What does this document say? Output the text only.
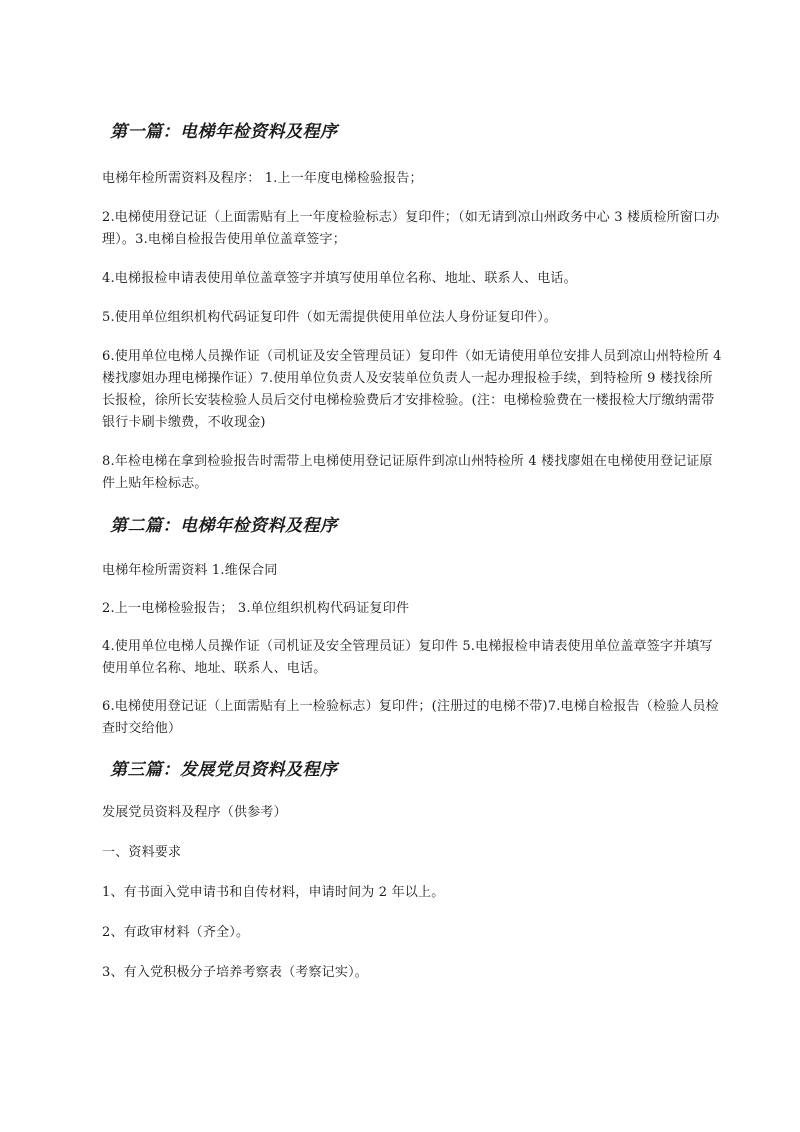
第一篇：电梯年检资料及程序

电梯年检所需资料及程序： 1.上一年度电梯检验报告；

2.电梯使用登记证（上面需贴有上一年度检验标志）复印件；（如无请到凉山州政务中心 3 楼质检所窗口办理）。3.电梯自检报告使用单位盖章签字；

4.电梯报检申请表使用单位盖章签字并填写使用单位名称、地址、联系人、电话。

5.使用单位组织机构代码证复印件（如无需提供使用单位法人身份证复印件）。

6.使用单位电梯人员操作证（司机证及安全管理员证）复印件（如无请使用单位安排人员到凉山州特检所 4 楼找廖姐办理电梯操作证）7.使用单位负责人及安装单位负责人一起办理报检手续，到特检所 9 楼找徐所长报检，徐所长安装检验人员后交付电梯检验费后才安排检验。(注：电梯检验费在一楼报检大厅缴纳需带银行卡刷卡缴费，不收现金)

8.年检电梯在拿到检验报告时需带上电梯使用登记证原件到凉山州特检所 4 楼找廖姐在电梯使用登记证原件上贴年检标志。

第二篇：电梯年检资料及程序

电梯年检所需资料 1.维保合同

2.上一电梯检验报告； 3.单位组织机构代码证复印件

4.使用单位电梯人员操作证（司机证及安全管理员证）复印件 5.电梯报检申请表使用单位盖章签字并填写使用单位名称、地址、联系人、电话。

6.电梯使用登记证（上面需贴有上一检验标志）复印件；(注册过的电梯不带)7.电梯自检报告（检验人员检查时交给他）

第三篇：发展党员资料及程序

发展党员资料及程序（供参考）

一、资料要求

1、有书面入党申请书和自传材料，申请时间为 2 年以上。

2、有政审材料（齐全）。

3、有入党积极分子培养考察表（考察记实）。
